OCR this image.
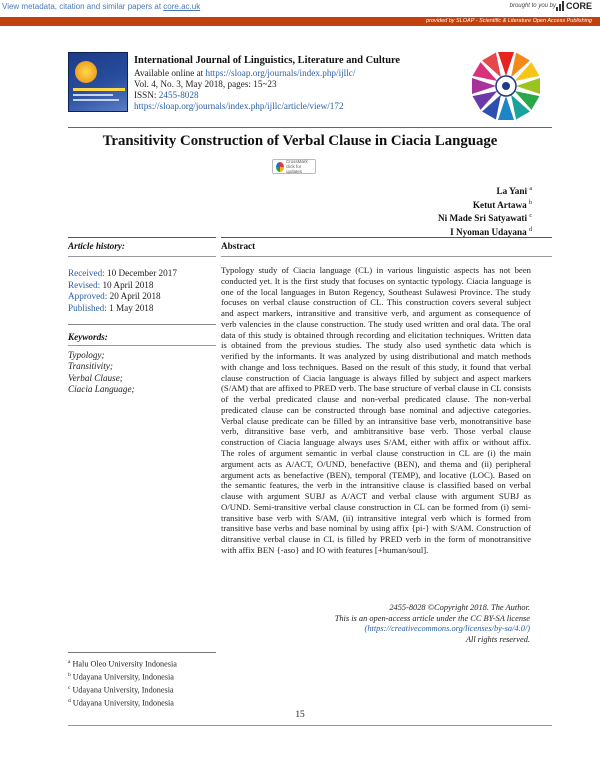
View metadata, citation and similar papers at core.ac.uk	brought to you by CORE
provided by SLOAP - Scientific & Literature Open Access Publishing
International Journal of Linguistics, Literature and Culture
Available online at https://sloap.org/journals/index.php/ijllc/
Vol. 4, No. 3, May 2018, pages: 15~23
ISSN: 2455-8028
https://sloap.org/journals/index.php/ijllc/article/view/172
Transitivity Construction of Verbal Clause in Ciacia Language
CrossMark
click for updates
La Yani $^a$
Ketut Artawa $^b$
Ni Made Sri Satyawati $^c$
I Nyoman Udayana $^d$
Article history:	Abstract
Received: 10 December 2017
Revised: 10 April 2018
Approved: 20 April 2018
Published: 1 May 2018
Keywords:
Typology;
Transitivity;
Verbal Clause;
Ciacia Language;
Typology study of Ciacia language (CL) in various linguistic aspects has not been conducted yet. It is the first study that focuses on syntactic typology. Ciacia language is one of the local languages in Buton Regency, Southeast Sulawesi Province. The study focuses on verbal clause construction of CL. This construction covers several subject and aspect markers, intransitive and transitive verb, and argument as consequence of verb valencies in the clause construction. The study used written and oral data. The oral data of this study is obtained through recording and elicitation techniques. Written data is obtained from the previous studies. The study also used synthetic data which is verified by the informants. It was analyzed by using distributional and match methods with change and loss techniques. Based on the result of this study, it found that verbal clause construction of Ciacia language is always filled by subject and aspect markers (S/AM) that are affixed to PRED verb. The base structure of verbal clause in CL consists of the verbal predicated clause and non-verbal predicated clause. The non-verbal predicated clause can be constructed through base nominal and adjective categories. Verbal clause predicate can be filled by an intransitive base verb, monotransitive base verb, ditransitive base verb, and ambitransitive base verb. Those verbal clause construction of Ciacia language always uses S/AM, either with affix or without affix. The roles of argument semantic in verbal clause construction in CL are (i) the main argument acts as A/ACT, O/UND, benefactive (BEN), and thema and (ii) peripheral argument acts as benefactive (BEN), temporal (TEMP), and locative (LOC). Based on the semantic features, the verb in the intransitive clause is classified based on verbal clause with argument SUBJ as A/ACT and verbal clause with argument SUBJ as O/UND. Semi-transitive verbal clause construction in CL can be formed from (i) semi-transitive base verb with S/AM, (ii) intransitive integral verb which is formed from transitive base verbs and base nominal by using affix {pi-} with S/AM. Construction of ditransitive verbal clause in CL is filled by PRED verb in the form of monotransitive with affix BEN {-aso} and IO with features [+human/soul].
2455-8028 ©Copyright 2018. The Author.
This is an open-access article under the CC BY-SA license
(https://creativecommons.org/licenses/by-sa/4.0/)
All rights reserved.
$^a$ Halu Oleo University Indonesia
$^b$ Udayana University, Indonesia
$^c$ Udayana University, Indonesia
$^d$ Udayana University, Indonesia
15
